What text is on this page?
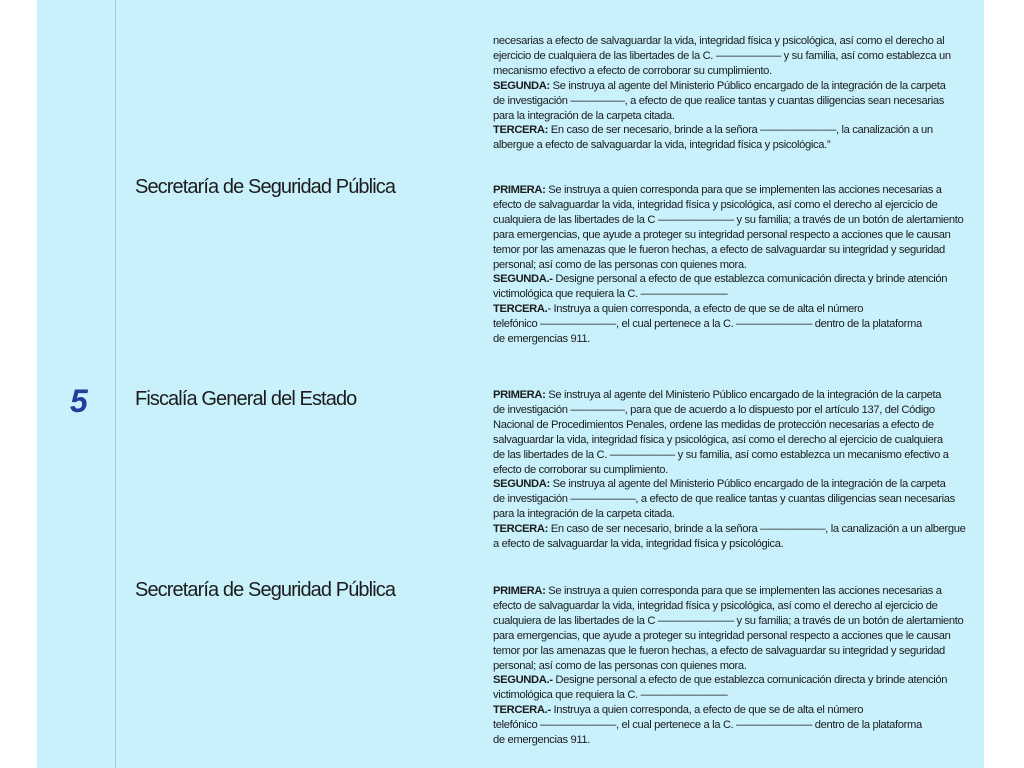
5
Secretaría de Seguridad Pública
Fiscalía General del Estado
Secretaría de Seguridad Pública

necesarias a efecto de salvaguardar la vida, integridad física y psicológica, así como el derecho al

ejercicio de cualquiera de las libertades de la C. —————— y su familia, así como establezca un

mecanismo efectivo a efecto de corroborar su cumplimiento.

SEGUNDA: Se instruya al agente del Ministerio Público encargado de la integración de la carpeta

de investigación —————, a efecto de que realice tantas y cuantas diligencias sean necesarias

para la integración de la carpeta citada.

TERCERA: En caso de ser necesario, brinde a la señora ———————, la canalización a un

albergue a efecto de salvaguardar la vida, integridad física y psicológica.”

PRIMERA: Se instruya a quien corresponda para que se implementen las acciones necesarias a

efecto de salvaguardar la vida, integridad física y psicológica, así como el derecho al ejercicio de

cualquiera de las libertades de la C ——————— y su familia; a través de un botón de alertamiento

para emergencias, que ayude a proteger su integridad personal respecto a acciones que le causan

temor por las amenazas que le fueron hechas, a efecto de salvaguardar su integridad y seguridad

personal; así como de las personas con quienes mora.

SEGUNDA.- Designe personal a efecto de que establezca comunicación directa y brinde atención

victimológica que requiera la C. ————————

TERCERA.- Instruya a quien corresponda, a efecto de que se de alta el número

telefónico ———————, el cual pertenece a la C. ——————— dentro de la plataforma

de emergencias 911.

PRIMERA: Se instruya al agente del Ministerio Público encargado de la integración de la carpeta

de investigación —————, para que de acuerdo a lo dispuesto por el artículo 137, del Código

Nacional de Procedimientos Penales, ordene las medidas de protección necesarias a efecto de

salvaguardar la vida, integridad física y psicológica, así como el derecho al ejercicio de cualquiera

de las libertades de la C. —————— y su familia, así como establezca un mecanismo efectivo a

efecto de corroborar su cumplimiento.

SEGUNDA: Se instruya al agente del Ministerio Público encargado de la integración de la carpeta

de investigación ——————, a efecto de que realice tantas y cuantas diligencias sean necesarias

para la integración de la carpeta citada.

TERCERA: En caso de ser necesario, brinde a la señora ——————, la canalización a un albergue

a efecto de salvaguardar la vida, integridad física y psicológica.

PRIMERA: Se instruya a quien corresponda para que se implementen las acciones necesarias a

efecto de salvaguardar la vida, integridad física y psicológica, así como el derecho al ejercicio de

cualquiera de las libertades de la C ——————— y su familia; a través de un botón de alertamiento

para emergencias, que ayude a proteger su integridad personal respecto a acciones que le causan

temor por las amenazas que le fueron hechas, a efecto de salvaguardar su integridad y seguridad

personal; así como de las personas con quienes mora.

SEGUNDA.- Designe personal a efecto de que establezca comunicación directa y brinde atención

victimológica que requiera la C. ————————

TERCERA.- Instruya a quien corresponda, a efecto de que se de alta el número

telefónico ———————, el cual pertenece a la C. ——————— dentro de la plataforma

de emergencias 911.
